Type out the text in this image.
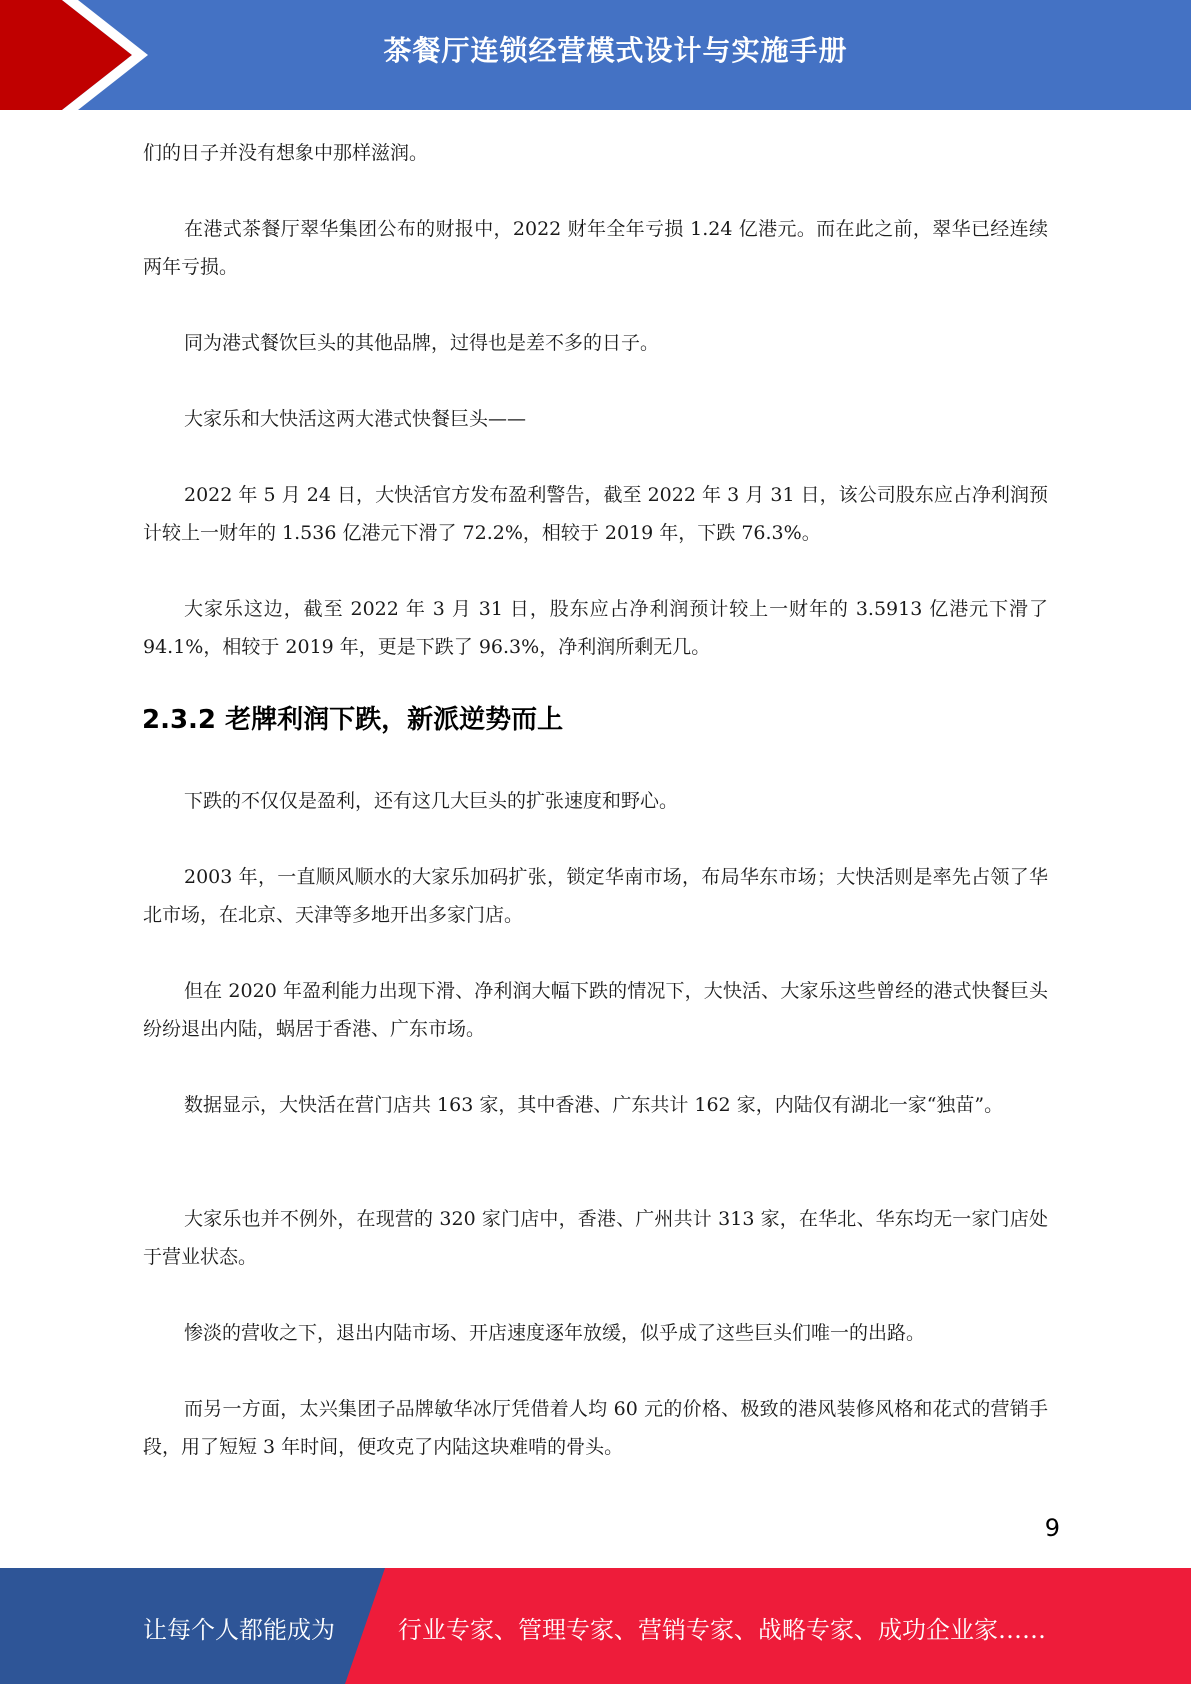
茶餐厅连锁经营模式设计与实施手册

们的日子并没有想象中那样滋润。

在港式茶餐厅翠华集团公布的财报中，2022 财年全年亏损 1.24 亿港元。而在此之前，翠华已经连续两年亏损。

同为港式餐饮巨头的其他品牌，过得也是差不多的日子。

大家乐和大快活这两大港式快餐巨头——

2022 年 5 月 24 日，大快活官方发布盈利警告，截至 2022 年 3 月 31 日，该公司股东应占净利润预计较上一财年的 1.536 亿港元下滑了 72.2%，相较于 2019 年，下跌 76.3%。

大家乐这边，截至 2022 年 3 月 31 日，股东应占净利润预计较上一财年的 3.5913 亿港元下滑了 94.1%，相较于 2019 年，更是下跌了 96.3%，净利润所剩无几。

2.3.2 老牌利润下跌，新派逆势而上

下跌的不仅仅是盈利，还有这几大巨头的扩张速度和野心。

2003 年，一直顺风顺水的大家乐加码扩张，锁定华南市场，布局华东市场；大快活则是率先占领了华北市场，在北京、天津等多地开出多家门店。

但在 2020 年盈利能力出现下滑、净利润大幅下跌的情况下，大快活、大家乐这些曾经的港式快餐巨头纷纷退出内陆，蜗居于香港、广东市场。

数据显示，大快活在营门店共 163 家，其中香港、广东共计 162 家，内陆仅有湖北一家“独苗”。

大家乐也并不例外，在现营的 320 家门店中，香港、广州共计 313 家，在华北、华东均无一家门店处于营业状态。

惨淡的营收之下，退出内陆市场、开店速度逐年放缓，似乎成了这些巨头们唯一的出路。

而另一方面，太兴集团子品牌敏华冰厅凭借着人均 60 元的价格、极致的港风装修风格和花式的营销手段，用了短短 3 年时间，便攻克了内陆这块难啃的骨头。

9
让每个人都能成为	行业专家、管理专家、营销专家、战略专家、成功企业家……
